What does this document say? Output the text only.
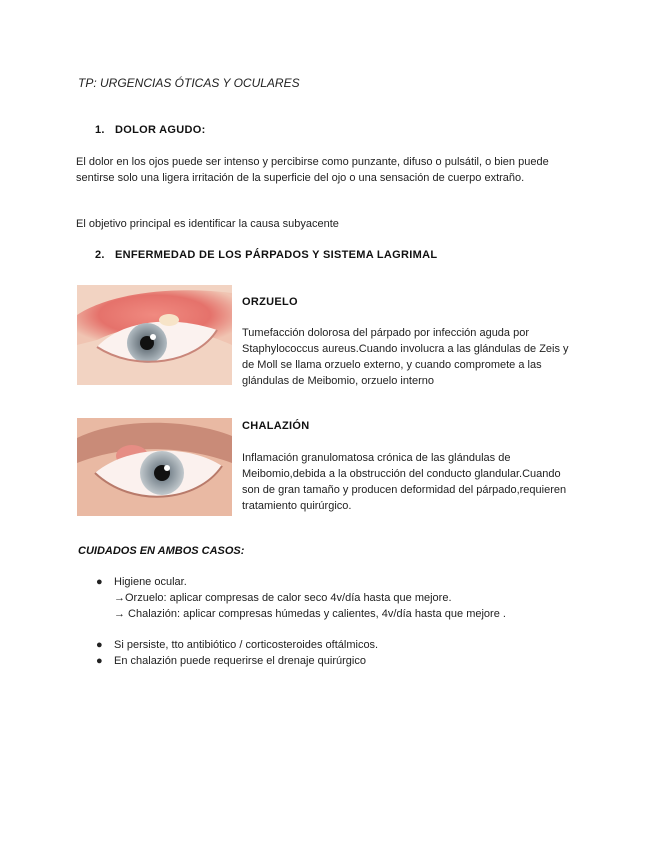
TP: URGENCIAS ÓTICAS Y OCULARES
1. DOLOR AGUDO:
El dolor en los ojos puede ser intenso y percibirse como punzante, difuso o pulsátil, o bien puede sentirse solo una ligera irritación de la superficie del ojo o una sensación de cuerpo extraño.
El objetivo principal es identificar la causa subyacente
2. ENFERMEDAD DE LOS PÁRPADOS Y SISTEMA LAGRIMAL
ORZUELO
Tumefacción dolorosa del párpado por infección aguda por Staphylococcus aureus.Cuando involucra a las glándulas de Zeis y de Moll se llama orzuelo externo, y cuando compromete a las glándulas de Meibomio, orzuelo interno
CHALAZIÓN
Inflamación granulomatosa crónica de las glándulas de Meibomio,debida a la obstrucción del conducto glandular.Cuando son de gran tamaño y producen deformidad del párpado,requieren tratamiento quirúrgico.
CUIDADOS EN AMBOS CASOS:
● Higiene ocular.
→Orzuelo: aplicar compresas de calor seco 4v/día hasta que mejore.
→ Chalazión: aplicar compresas húmedas y calientes, 4v/día hasta que mejore .
● Si persiste, tto antibiótico / corticosteroides oftálmicos.
● En chalazión puede requerirse el drenaje quirúrgico
